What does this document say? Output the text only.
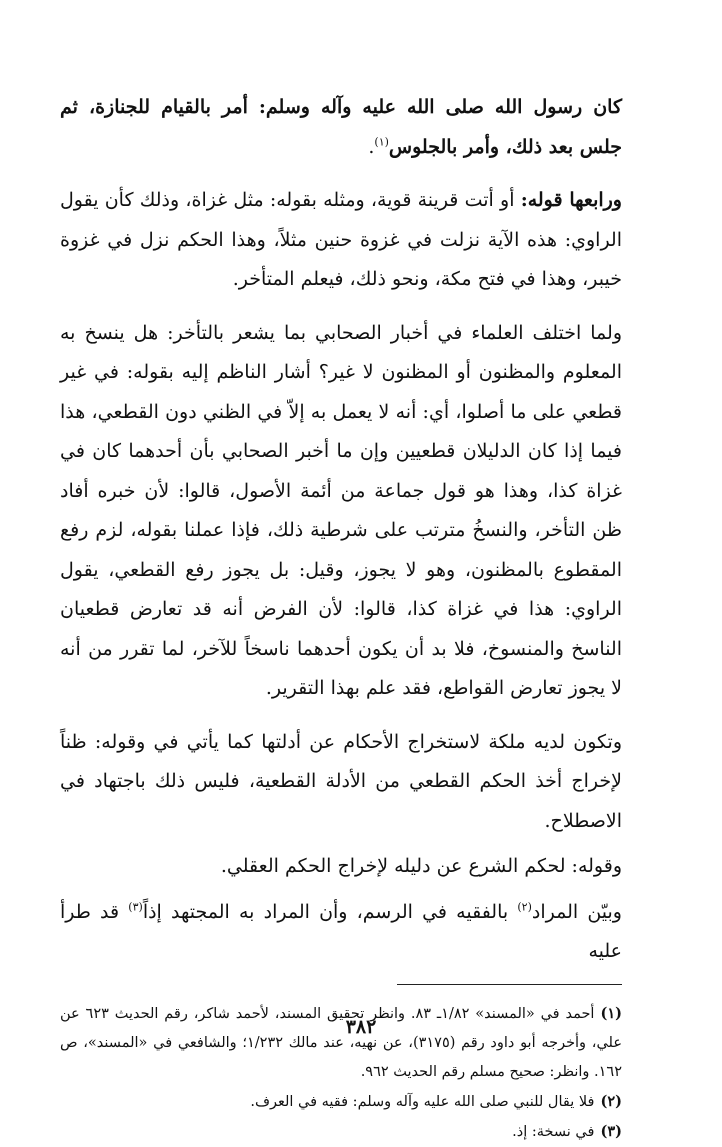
كان رسول الله صلى الله عليه وآله وسلم: أمر بالقيام للجنازة، ثم جلس بعد ذلك، وأمر بالجلوس$^{(١)}$.

ورابعها قوله: أو أتت قرينة قوية، ومثله بقوله: مثل غزاة، وذلك كأن يقول الراوي: هذه الآية نزلت في غزوة حنين مثلاً، وهذا الحكم نزل في غزوة خيبر، وهذا في فتح مكة، ونحو ذلك، فيعلم المتأخر.

ولما اختلف العلماء في أخبار الصحابي بما يشعر بالتأخر: هل ينسخ به المعلوم والمظنون أو المظنون لا غير؟ أشار الناظم إليه بقوله: في غير قطعي على ما أصلوا، أي: أنه لا يعمل به إلاّ في الظني دون القطعي، هذا فيما إذا كان الدليلان قطعيين وإن ما أخبر الصحابي بأن أحدهما كان في غزاة كذا، وهذا هو قول جماعة من أئمة الأصول، قالوا: لأن خبره أفاد ظن التأخر، والنسخُ مترتب على شرطية ذلك، فإذا عملنا بقوله، لزم رفع المقطوع بالمظنون، وهو لا يجوز، وقيل: بل يجوز رفع القطعي، يقول الراوي: هذا في غزاة كذا، قالوا: لأن الفرض أنه قد تعارض قطعيان الناسخ والمنسوخ، فلا بد أن يكون أحدهما ناسخاً للآخر، لما تقرر من أنه لا يجوز تعارض القواطع، فقد علم بهذا التقرير.

وتكون لديه ملكة لاستخراج الأحكام عن أدلتها كما يأتي في وقوله: ظناً لإخراج أخذ الحكم القطعي من الأدلة القطعية، فليس ذلك باجتهاد في الاصطلاح.

وقوله: لحكم الشرع عن دليله لإخراج الحكم العقلي.

وبيّن المراد$^{(٢)}$ بالفقيه في الرسم، وأن المراد به المجتهد إذاً$^{(٣)}$ قد طرأ عليه

(١)أحمد في «المسند» ١/٨٢ـ ٨٣. وانظر تحقيق المسند، لأحمد شاكر، رقم الحديث ٦٢٣ عن علي، وأخرجه أبو داود رقم (٣١٧٥)، عن نهيه، عند مالك ١/٢٣٢؛ والشافعي في «المسند»، ص ١٦٢. وانظر: صحيح مسلم رقم الحديث ٩٦٢.

(٢)فلا يقال للنبي صلى الله عليه وآله وسلم: فقيه في العرف.

(٣)في نسخة: إذ.

٣٨٢
